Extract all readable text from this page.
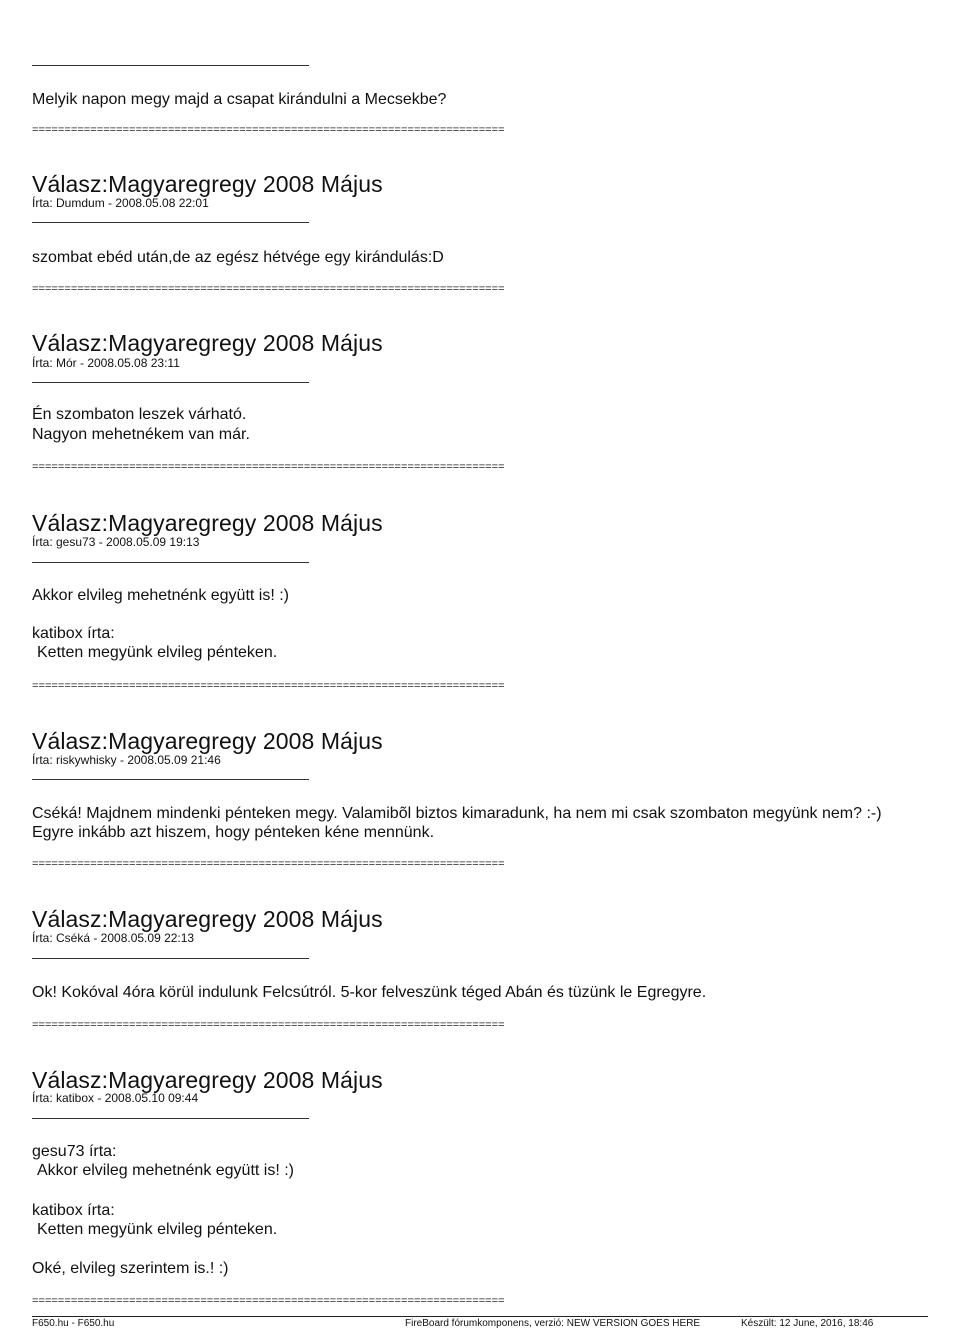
Melyik napon megy majd a csapat kirándulni a Mecsekbe?
=========================================================================
Válasz:Magyaregregy 2008 Május
Írta: Dumdum - 2008.05.08 22:01
szombat ebéd után,de az egész hétvége egy kirándulás:D
=========================================================================
Válasz:Magyaregregy 2008 Május
Írta: Mór - 2008.05.08 23:11
Én szombaton leszek várható.
Nagyon mehetnékem van már.
=========================================================================
Válasz:Magyaregregy 2008 Május
Írta: gesu73 - 2008.05.09 19:13
Akkor elvileg mehetnénk együtt is! :)
katibox írta:
Ketten megyünk elvileg pénteken.
=========================================================================
Válasz:Magyaregregy 2008 Május
Írta: riskywhisky - 2008.05.09 21:46
Cséká! Majdnem mindenki pénteken megy. Valamibõl biztos kimaradunk, ha nem mi csak szombaton megyünk nem? :-)
Egyre inkább azt hiszem, hogy pénteken kéne mennünk.
=========================================================================
Válasz:Magyaregregy 2008 Május
Írta: Cséká - 2008.05.09 22:13
Ok! Kokóval 4óra körül indulunk Felcsútról. 5-kor felveszünk téged Abán és tüzünk le Egregyre.
=========================================================================
Válasz:Magyaregregy 2008 Május
Írta: katibox - 2008.05.10 09:44
gesu73 írta:
Akkor elvileg mehetnénk együtt is! :)
katibox írta:
Ketten megyünk elvileg pénteken.
Oké, elvileg szerintem is.! :)
=========================================================================
F650.hu - F650.hu	FireBoard fórumkomponens, verzió: NEW VERSION GOES HERE	Készült: 12 June, 2016, 18:46
